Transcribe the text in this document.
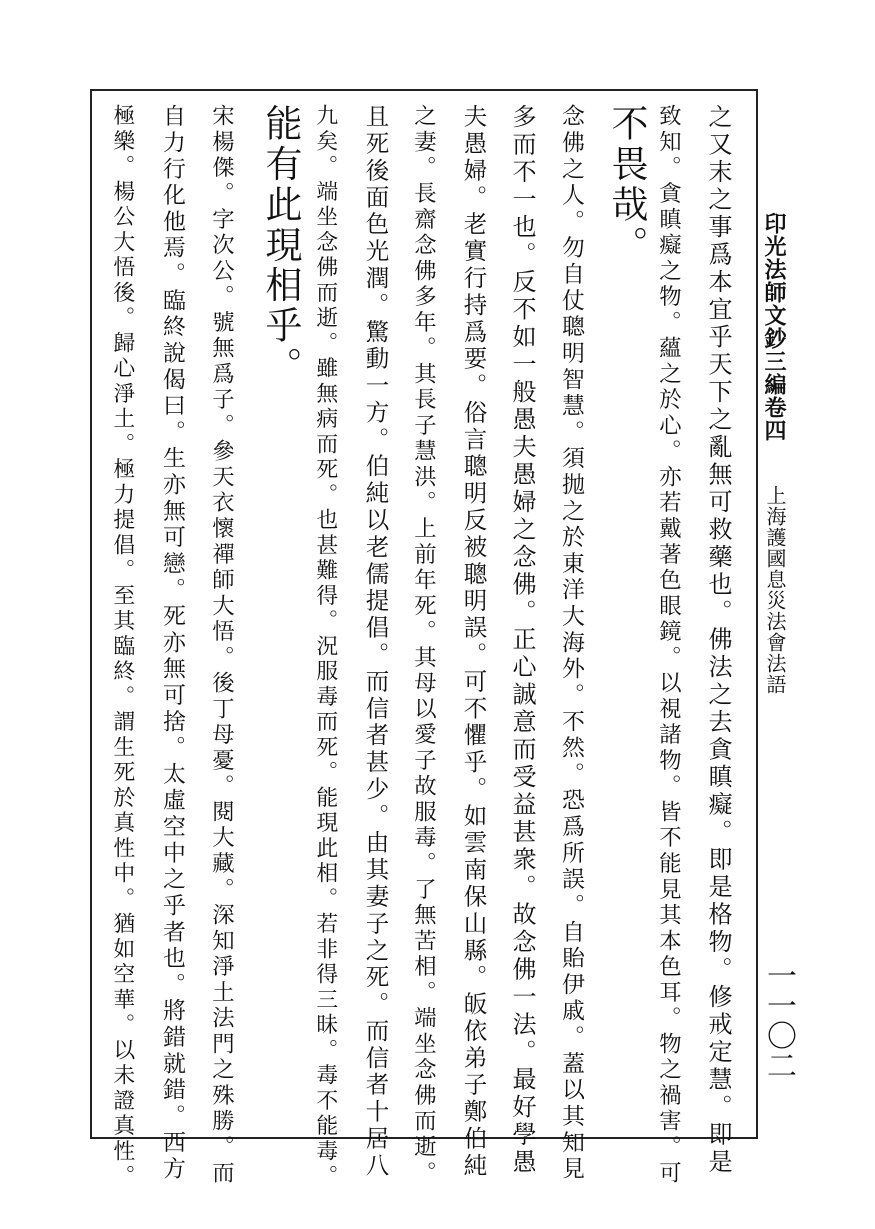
印光法師文鈔三編卷四
上海護國息災法會法語
一一〇二
之又末之事爲本宜乎天下之亂無可救藥也。佛法之去貪瞋癡。即是格物。修戒定慧。即是
致知。貪瞋癡之物。蘊之於心。亦若戴著色眼鏡。以視諸物。皆不能見其本色耳。物之禍害。可
不畏哉。
念佛之人。勿自仗聰明智慧。須抛之於東洋大海外。不然。恐爲所誤。自貽伊戚。蓋以其知見
多而不一也。反不如一般愚夫愚婦之念佛。正心誠意而受益甚衆。故念佛一法。最好學愚
夫愚婦。老實行持爲要。俗言聰明反被聰明誤。可不懼乎。如雲南保山縣。皈依弟子鄭伯純
之妻。長齋念佛多年。其長子慧洪。上前年死。其母以愛子故服毒。了無苦相。端坐念佛而逝。
且死後面色光潤。驚動一方。伯純以老儒提倡。而信者甚少。由其妻子之死。而信者十居八
九矣。端坐念佛而逝。雖無病而死。也甚難得。況服毒而死。能現此相。若非得三昧。毒不能毒。
能有此現相乎。
宋楊傑。字次公。號無爲子。參天衣懷禪師大悟。後丁母憂。閱大藏。深知淨土法門之殊勝。而
自力行化他焉。臨終說偈曰。生亦無可戀。死亦無可捨。太虛空中之乎者也。將錯就錯。西方
極樂。楊公大悟後。歸心淨土。極力提倡。至其臨終。謂生死於真性中。猶如空華。以未證真性。
